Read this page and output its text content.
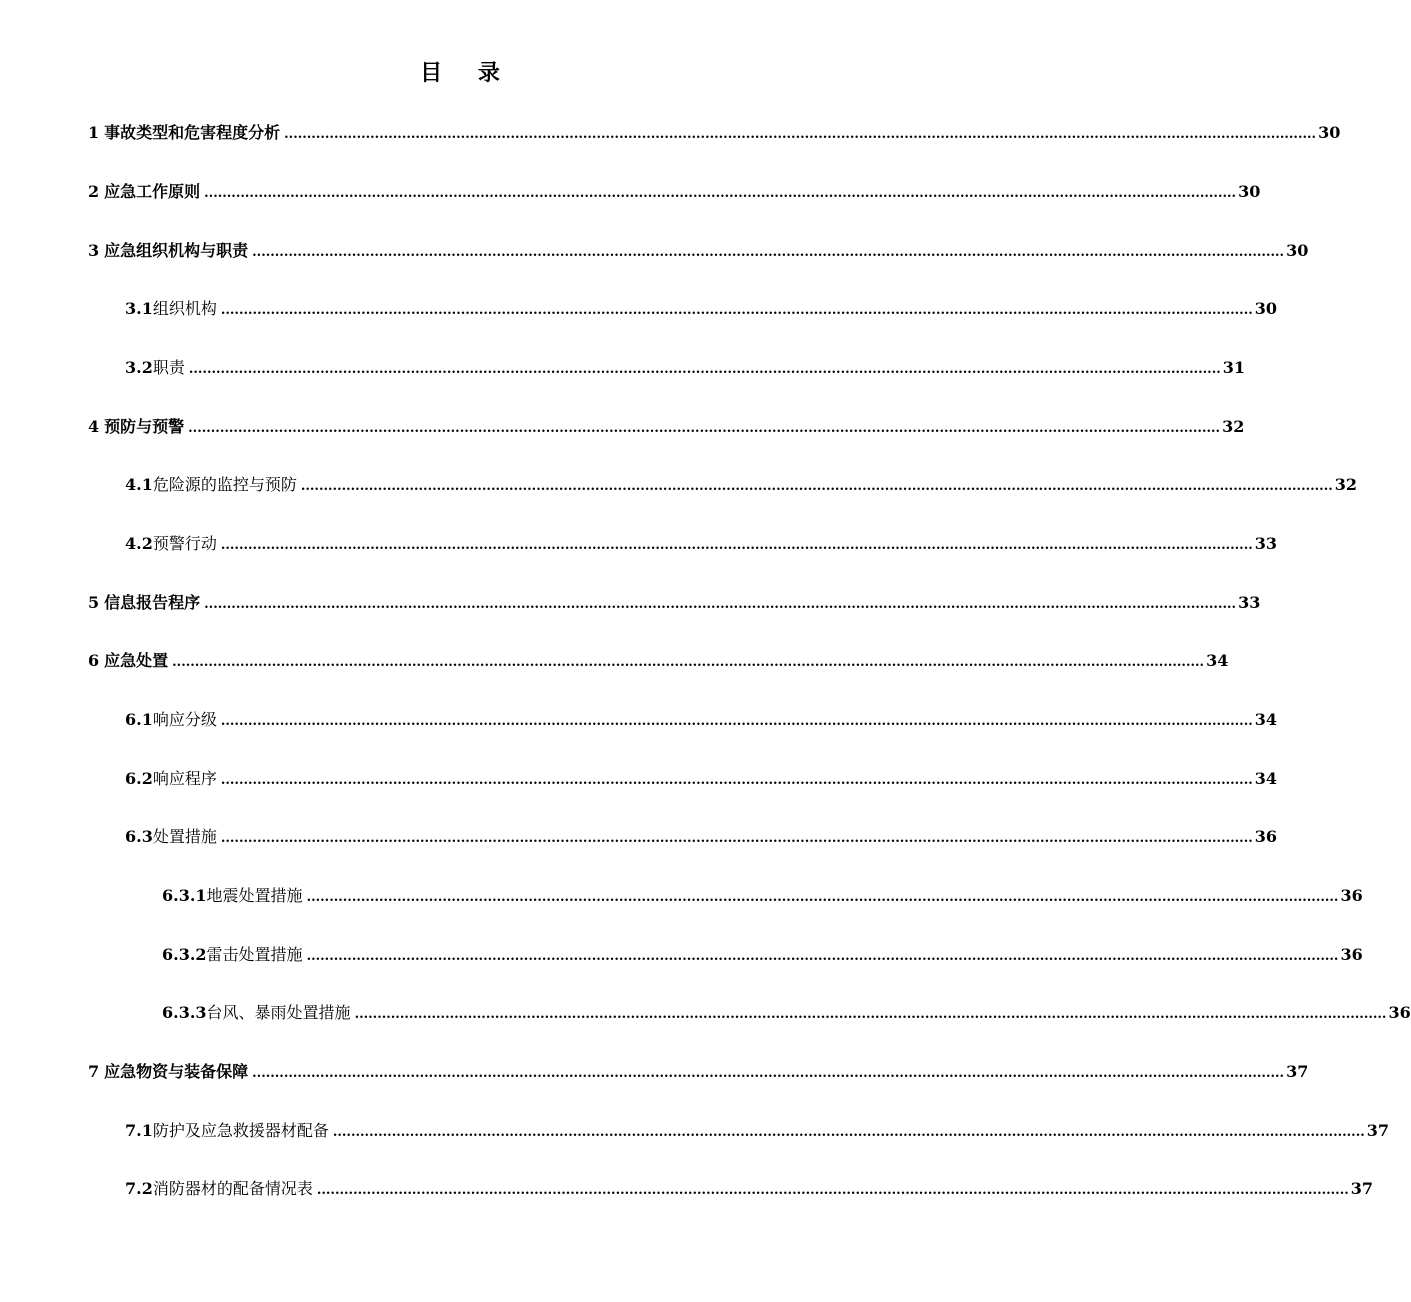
目 录
1 事故类型和危害程度分析 .................................................................................................................................................................................................................................... 30
2 应急工作原则 .................................................................................................................................................................................................................................... 30
3 应急组织机构与职责 .................................................................................................................................................................................................................................... 30
3.1 组织机构 .................................................................................................................................................................................................................................... 30
3.2 职责 .................................................................................................................................................................................................................................... 31
4 预防与预警 .................................................................................................................................................................................................................................... 32
4.1 危险源的监控与预防 .................................................................................................................................................................................................................................... 32
4.2 预警行动 .................................................................................................................................................................................................................................... 33
5 信息报告程序 .................................................................................................................................................................................................................................... 33
6 应急处置 .................................................................................................................................................................................................................................... 34
6.1 响应分级 .................................................................................................................................................................................................................................... 34
6.2 响应程序 .................................................................................................................................................................................................................................... 34
6.3 处置措施 .................................................................................................................................................................................................................................... 36
6.3.1 地震处置措施 .................................................................................................................................................................................................................................... 36
6.3.2 雷击处置措施 .................................................................................................................................................................................................................................... 36
6.3.3 台风、暴雨处置措施 .................................................................................................................................................................................................................................... 36
7 应急物资与装备保障 .................................................................................................................................................................................................................................... 37
7.1 防护及应急救援器材配备 .................................................................................................................................................................................................................................... 37
7.2 消防器材的配备情况表 .................................................................................................................................................................................................................................... 37
